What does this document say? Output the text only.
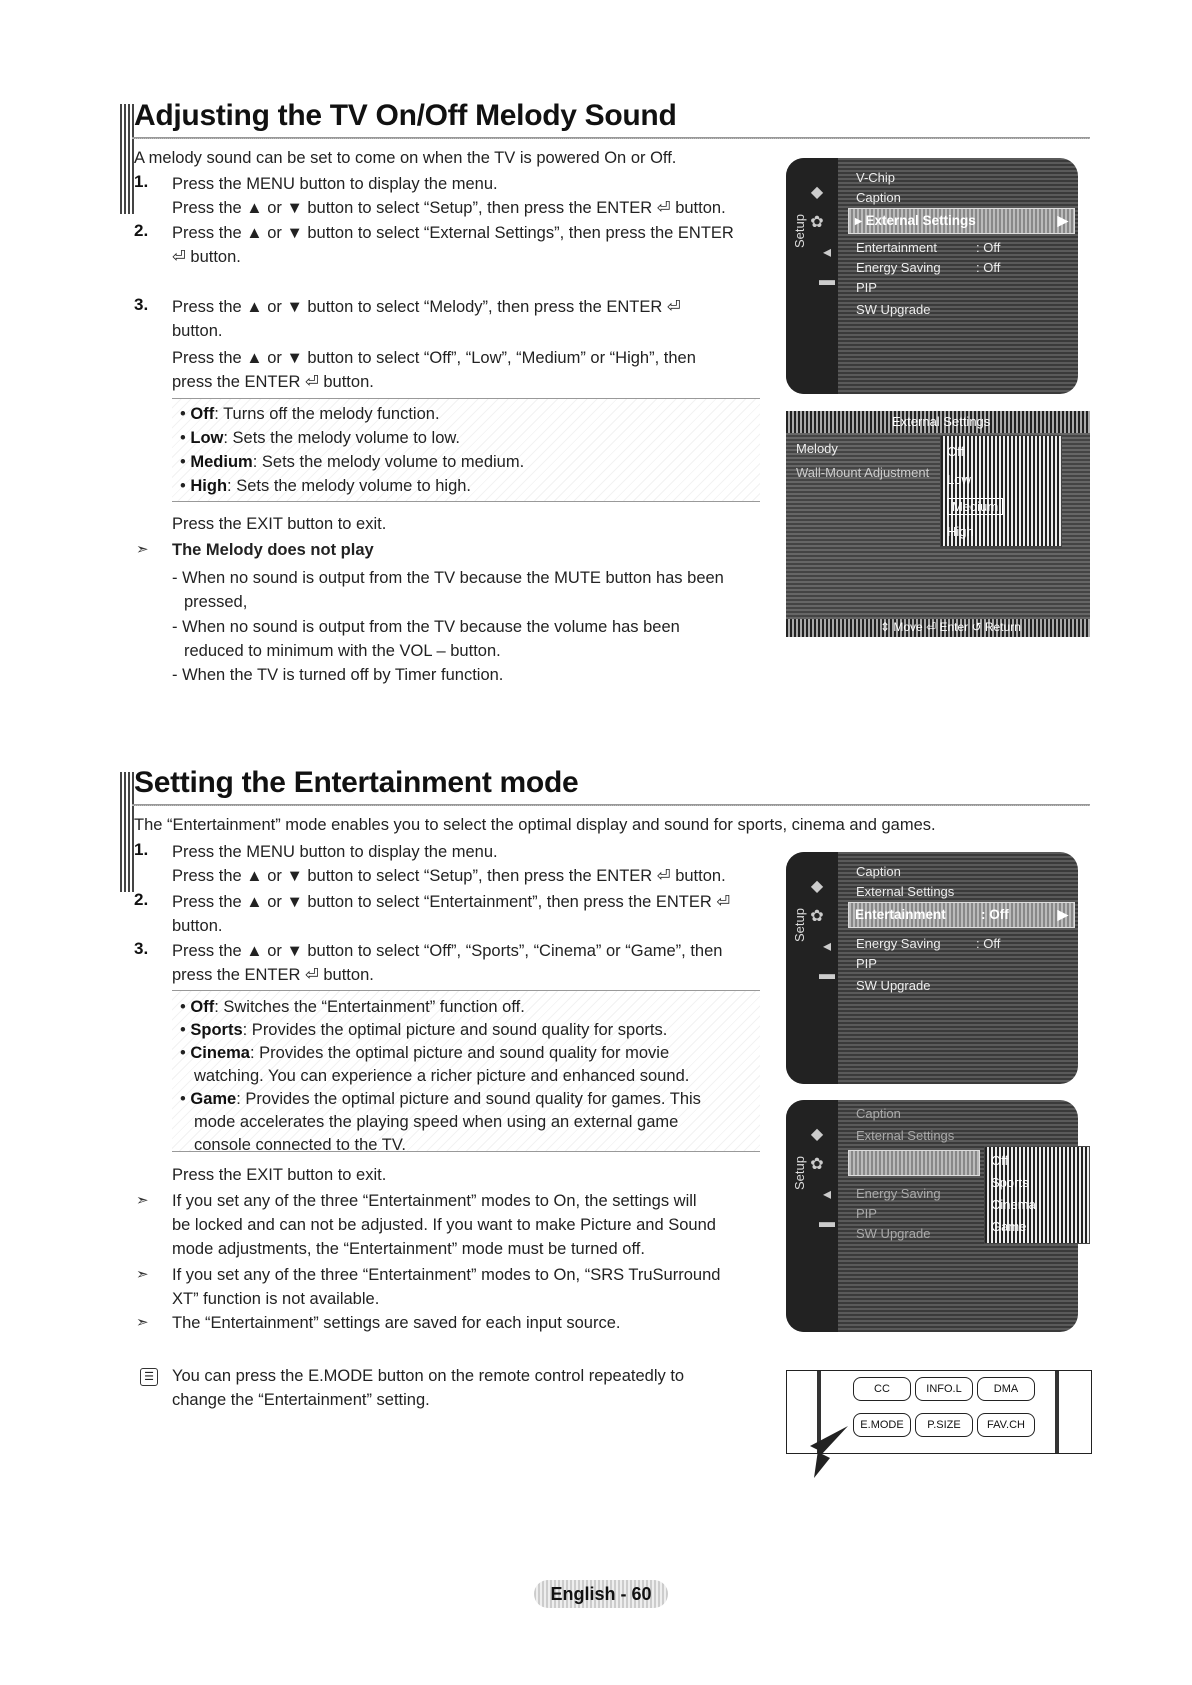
Adjusting the TV On/Off Melody Sound
A melody sound can be set to come on when the TV is powered On or Off.
1. Press the MENU button to display the menu.
Press the ▲ or ▼ button to select “Setup”, then press the ENTER ⏎ button.
2. Press the ▲ or ▼ button to select “External Settings”, then press the ENTER
⏎ button.
3. Press the ▲ or ▼ button to select “Melody”, then press the ENTER ⏎
button.
Press the ▲ or ▼ button to select “Off”, “Low”, “Medium” or “High”, then
press the ENTER ⏎ button.
• Off: Turns off the melody function.
• Low: Sets the melody volume to low.
• Medium: Sets the melody volume to medium.
• High: Sets the melody volume to high.
Press the EXIT button to exit.
➣ The Melody does not play
- When no sound is output from the TV because the MUTE button has been
pressed,
- When no sound is output from the TV because the volume has been
reduced to minimum with the VOL – button.
- When the TV is turned off by Timer function.
Setup
◆
✿
◂
▬
V-Chip
Caption
▸ External Settings	▶
Entertainment	: Off
Energy Saving	: Off
PIP
SW Upgrade
External Settings
Melody
Wall-Mount Adjustment
Off
Low
Medium
High
⇕ Move ⏎ Enter ↺ Return
Setting the Entertainment mode
The “Entertainment” mode enables you to select the optimal display and sound for sports, cinema and games.
1. Press the MENU button to display the menu.
Press the ▲ or ▼ button to select “Setup”, then press the ENTER ⏎ button.
2. Press the ▲ or ▼ button to select “Entertainment”, then press the ENTER ⏎
button.
3. Press the ▲ or ▼ button to select “Off”, “Sports”, “Cinema” or “Game”, then
press the ENTER ⏎ button.
• Off: Switches the “Entertainment” function off.
• Sports: Provides the optimal picture and sound quality for sports.
• Cinema: Provides the optimal picture and sound quality for movie
watching. You can experience a richer picture and enhanced sound.
• Game: Provides the optimal picture and sound quality for games. This
mode accelerates the playing speed when using an external game
console connected to the TV.
Press the EXIT button to exit.
➣ If you set any of the three “Entertainment” modes to On, the settings will
be locked and can not be adjusted. If you want to make Picture and Sound
mode adjustments, the “Entertainment” mode must be turned off.
➣ If you set any of the three “Entertainment” modes to On, “SRS TruSurround
XT” function is not available.
➣ The “Entertainment” settings are saved for each input source.
☰ You can press the E.MODE button on the remote control repeatedly to
change the “Entertainment” setting.
Setup
◆
✿
◂
▬
Caption
External Settings
Entertainment	: Off	▶
Energy Saving	: Off
PIP
SW Upgrade
Setup
◆
✿
◂
▬
Caption
External Settings
Energy Saving
PIP
SW Upgrade
Off
Sports
Cinema
Game
CC	INFO.L	DMA
E.MODE	P.SIZE	FAV.CH
English - 60
